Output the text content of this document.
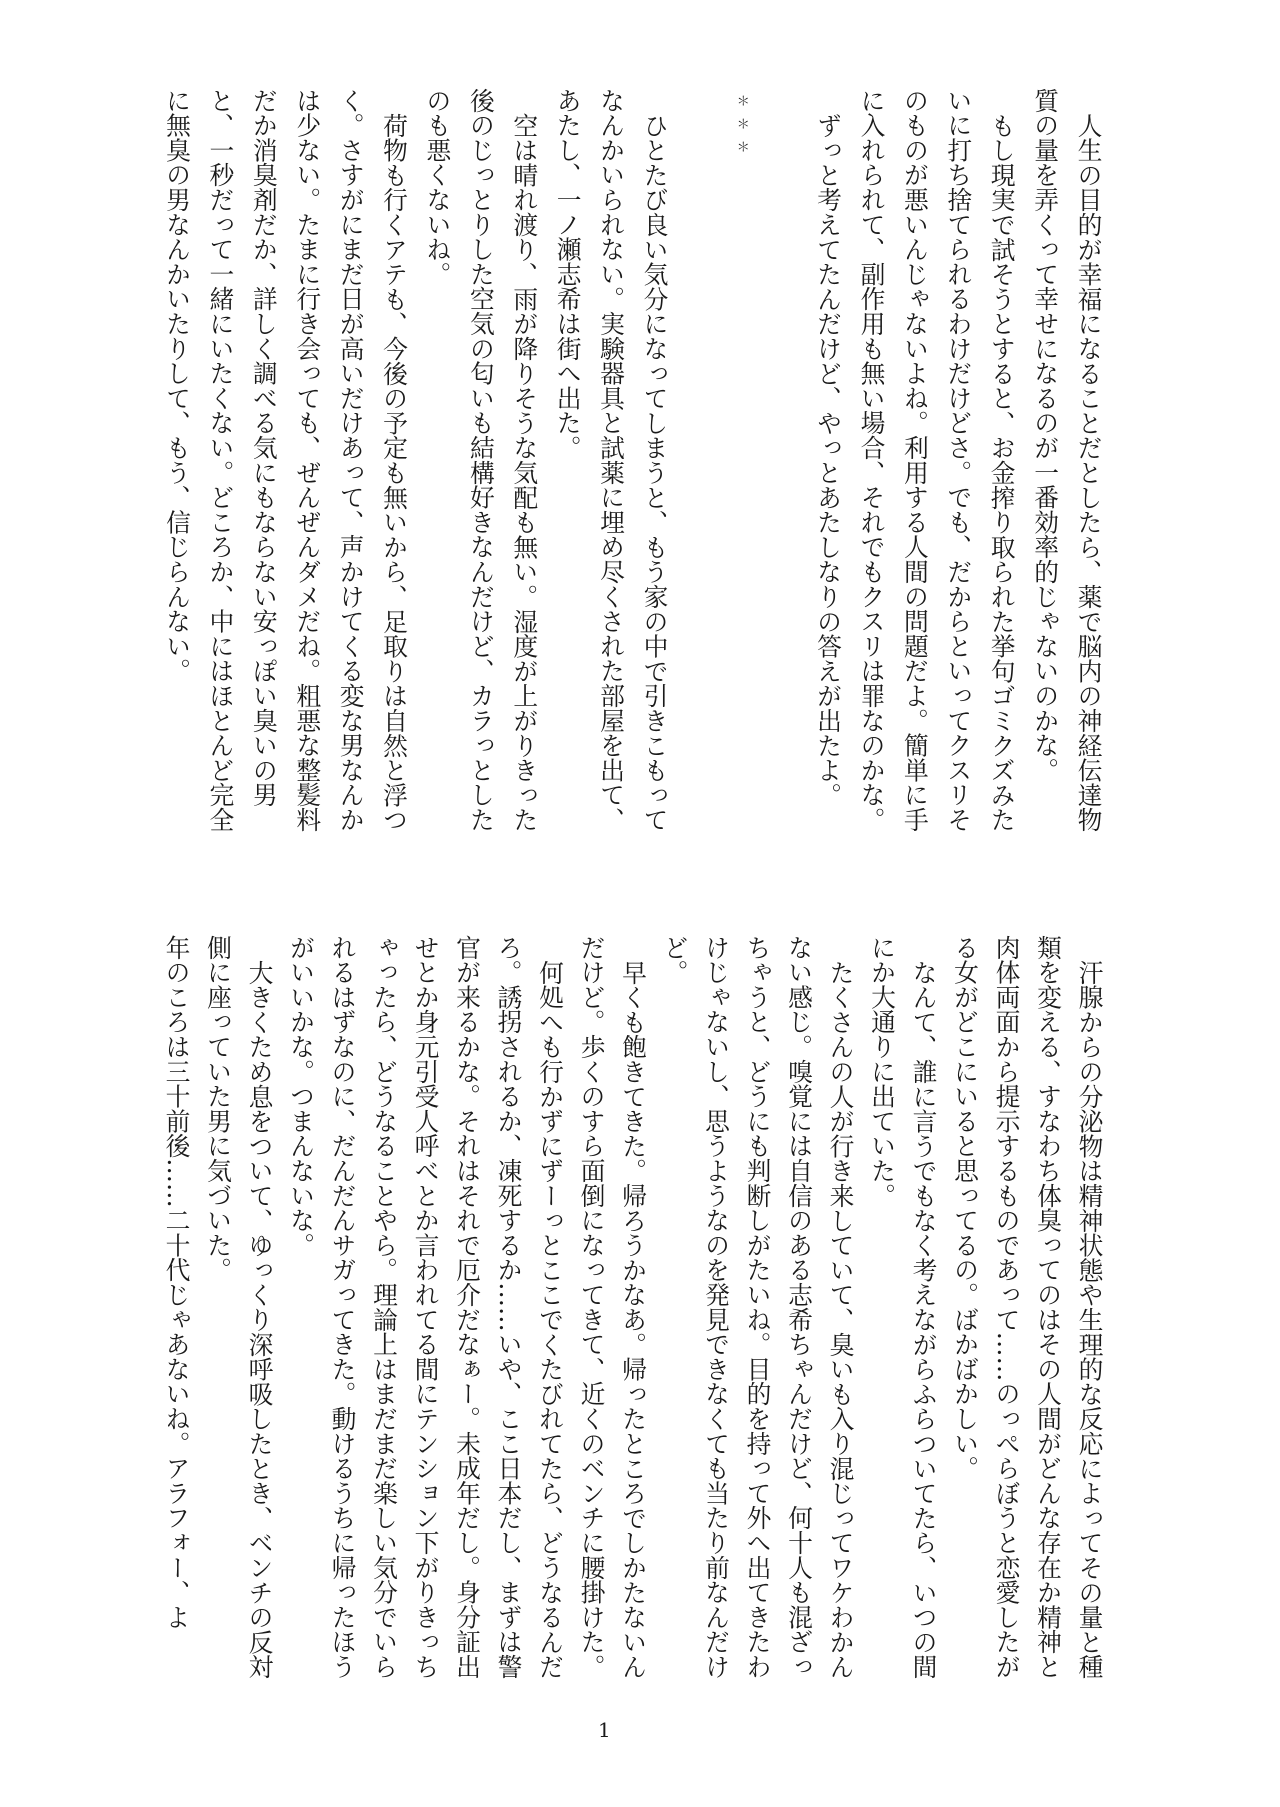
人生の目的が幸福になることだとしたら、薬で脳内の神経伝達物質の量を弄くって幸せになるのが一番効率的じゃないのかな。

もし現実で試そうとすると、お金搾り取られた挙句ゴミクズみたいに打ち捨てられるわけだけどさ。でも、だからといってクスリそのものが悪いんじゃないよね。利用する人間の問題だよ。簡単に手に入れられて、副作用も無い場合、それでもクスリは罪なのかな。

ずっと考えてたんだけど、やっとあたしなりの答えが出たよ。

＊＊＊

ひとたび良い気分になってしまうと、もう家の中で引きこもってなんかいられない。実験器具と試薬に埋め尽くされた部屋を出て、あたし、一ノ瀬志希は街へ出た。

空は晴れ渡り、雨が降りそうな気配も無い。湿度が上がりきった後のじっとりした空気の匂いも結構好きなんだけど、カラっとしたのも悪くないね。

荷物も行くアテも、今後の予定も無いから、足取りは自然と浮つく。さすがにまだ日が高いだけあって、声かけてくる変な男なんかは少ない。たまに行き会っても、ぜんぜんダメだね。粗悪な整髪料だか消臭剤だか、詳しく調べる気にもならない安っぽい臭いの男と、一秒だって一緒にいたくない。どころか、中にはほとんど完全に無臭の男なんかいたりして、もう、信じらんない。

汗腺からの分泌物は精神状態や生理的な反応によってその量と種類を変える、すなわち体臭ってのはその人間がどんな存在か精神と肉体両面から提示するものであって……のっぺらぼうと恋愛したがる女がどこにいると思ってるの。ばかばかしい。

なんて、誰に言うでもなく考えながらふらついてたら、いつの間にか大通りに出ていた。

たくさんの人が行き来していて、臭いも入り混じってワケわかんない感じ。嗅覚には自信のある志希ちゃんだけど、何十人も混ざっちゃうと、どうにも判断しがたいね。目的を持って外へ出てきたわけじゃないし、思うようなのを発見できなくても当たり前なんだけど。

早くも飽きてきた。帰ろうかなあ。帰ったところでしかたないんだけど。歩くのすら面倒になってきて、近くのベンチに腰掛けた。

何処へも行かずにずーっとここでくたびれてたら、どうなるんだろ。誘拐されるか、凍死するか……いや、ここ日本だし、まずは警官が来るかな。それはそれで厄介だなぁー。未成年だし。身分証出せとか身元引受人呼べとか言われてる間にテンション下がりきっちゃったら、どうなることやら。理論上はまだまだ楽しい気分でいられるはずなのに、だんだんサガってきた。動けるうちに帰ったほうがいいかな。つまんないな。

大きくため息をついて、ゆっくり深呼吸したとき、ベンチの反対側に座っていた男に気づいた。

年のころは三十前後……二十代じゃあないね。アラフォー、よ

1
